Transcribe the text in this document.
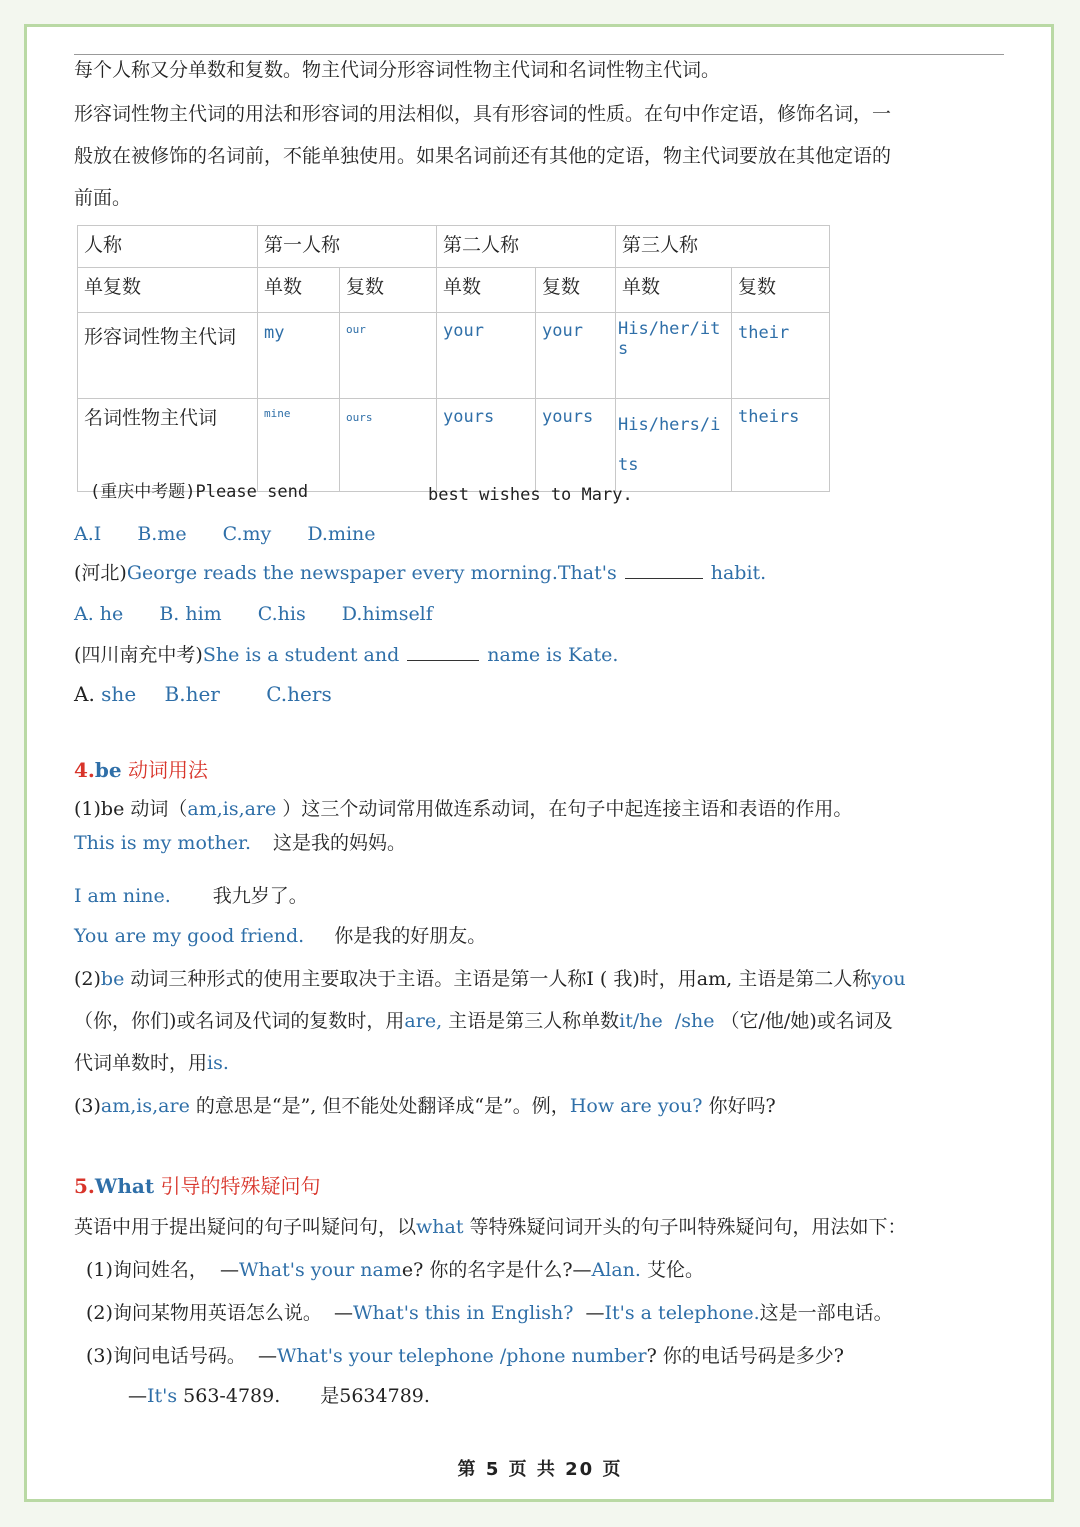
每个人称又分单数和复数。物主代词分形容词性物主代词和名词性物主代词。
形容词性物主代词的用法和形容词的用法相似，具有形容词的性质。在句中作定语，修饰名词，一
般放在被修饰的名词前，不能单独使用。如果名词前还有其他的定语，物主代词要放在其他定语的
前面。
人称	第一人称		第二人称		第三人称	
单复数	单数	复数	单数	复数	单数	复数
形容词性物主代词	my	our	your	your	His/her/its	their
名词性物主代词	mine	ours	yours	yours	His/hers/its	theirs
(重庆中考题)Please send	best wishes to Mary.
A.I B.me C.my D.mine
(河北)George reads the newspaper every morning.That's	habit.
A. he B. him C.his D.himself
(四川南充中考)She is a student and	name is Kate.
A. she B.her C.hers
4.be 动词用法
(1)be 动词（am,is,are ）这三个动词常用做连系动词，在句子中起连接主语和表语的作用。
This is my mother. 这是我的妈妈。
I am nine. 我九岁了。
You are my good friend. 你是我的好朋友。
(2)be 动词三种形式的使用主要取决于主语。主语是第一人称I ( 我)时，用am, 主语是第二人称you
（你，你们)或名词及代词的复数时，用are, 主语是第三人称单数it/he  /she （它/他/她)或名词及
代词单数时，用is.
(3)am,is,are 的意思是“是”, 但不能处处翻译成“是”。例，How are you? 你好吗?
5.What 引导的特殊疑问句
英语中用于提出疑问的句子叫疑问句，以what 等特殊疑问词开头的句子叫特殊疑问句，用法如下：
(1)询问姓名，  —What's your name? 你的名字是什么?—Alan. 艾伦。
(2)询问某物用英语怎么说。  —What's this in English?  —It's a telephone.这是一部电话。
(3)询问电话号码。  —What's your telephone /phone number? 你的电话号码是多少?
—It's 563-4789. 是5634789.
第 5 页 共 20 页
